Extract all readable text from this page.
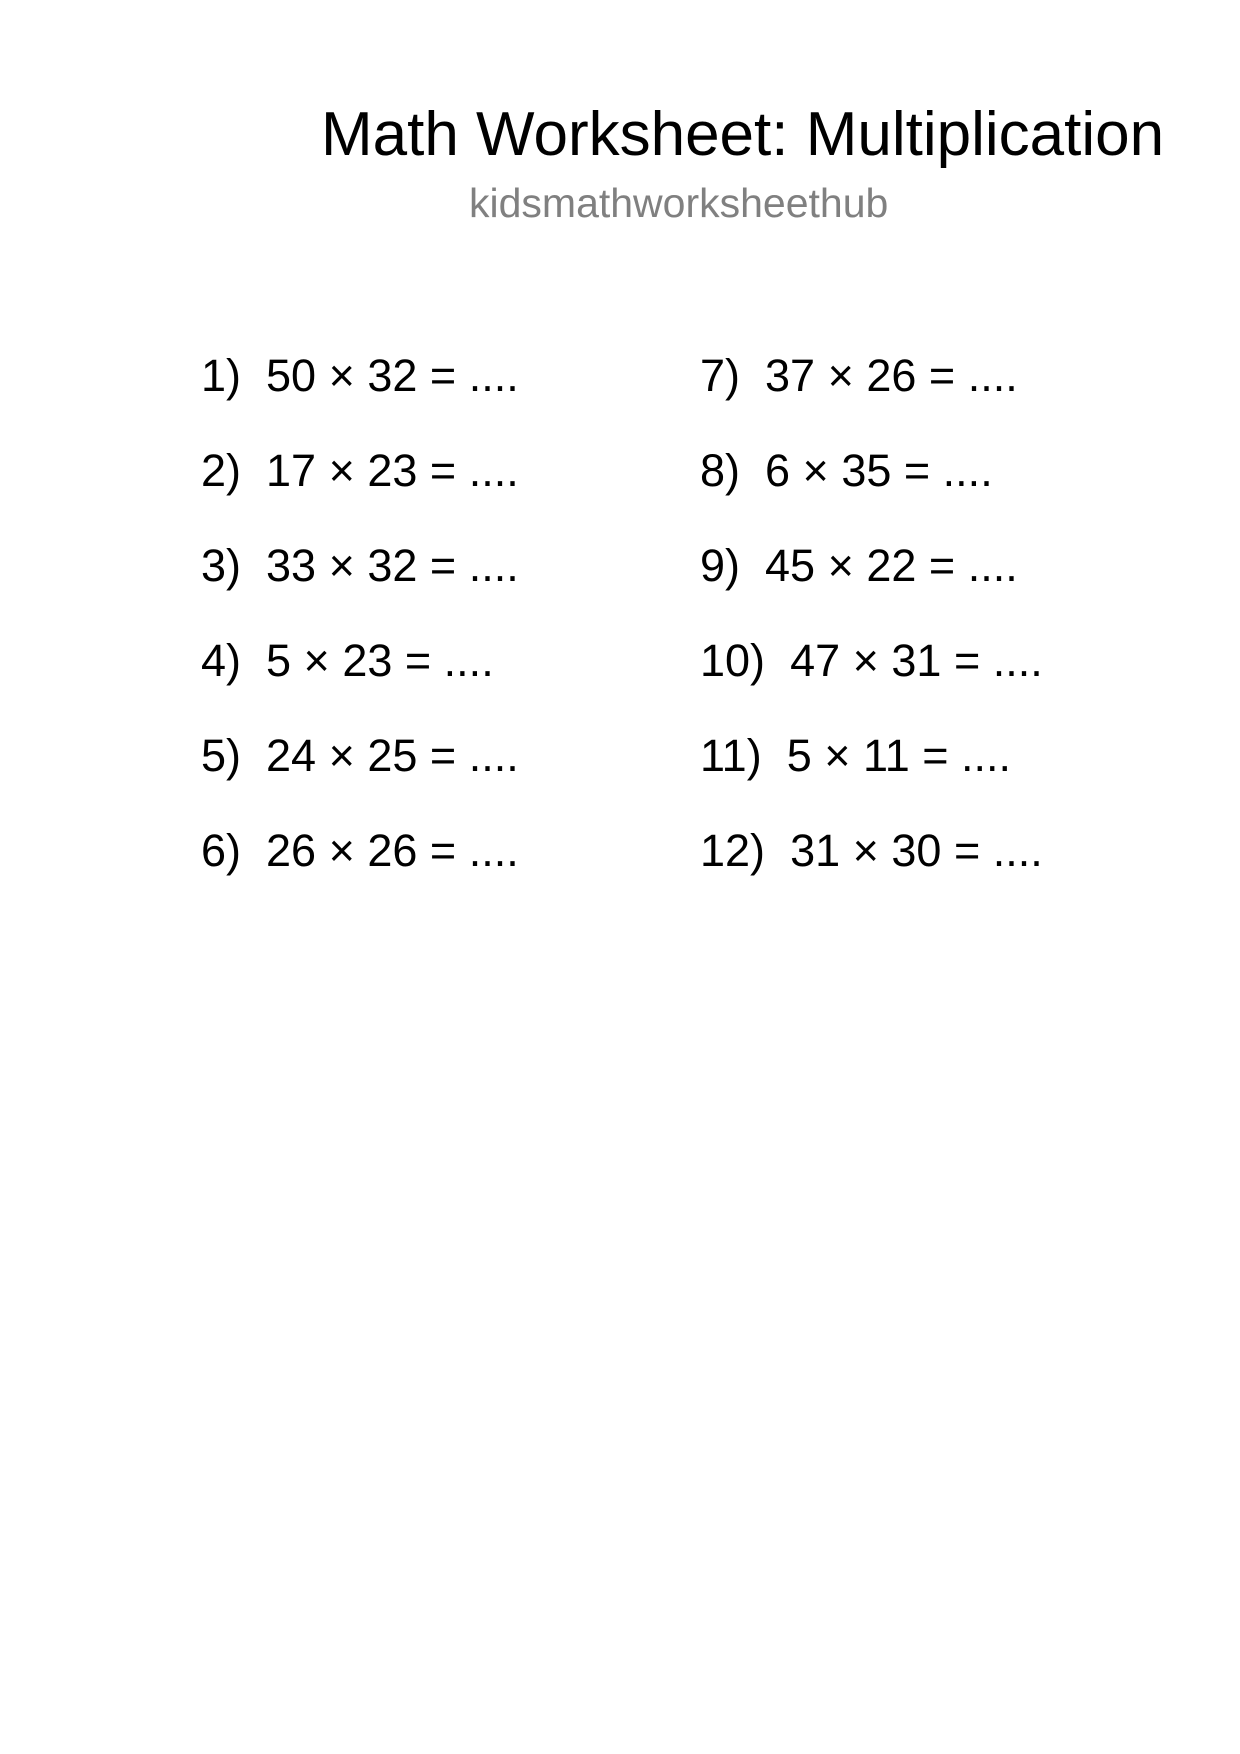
Math Worksheet: Multiplication
kidsmathworksheethub
1) 50 × 32 = ....
2) 17 × 23 = ....
3) 33 × 32 = ....
4) 5 × 23 = ....
5) 24 × 25 = ....
6) 26 × 26 = ....
7) 37 × 26 = ....
8) 6 × 35 = ....
9) 45 × 22 = ....
10) 47 × 31 = ....
11) 5 × 11 = ....
12) 31 × 30 = ....
